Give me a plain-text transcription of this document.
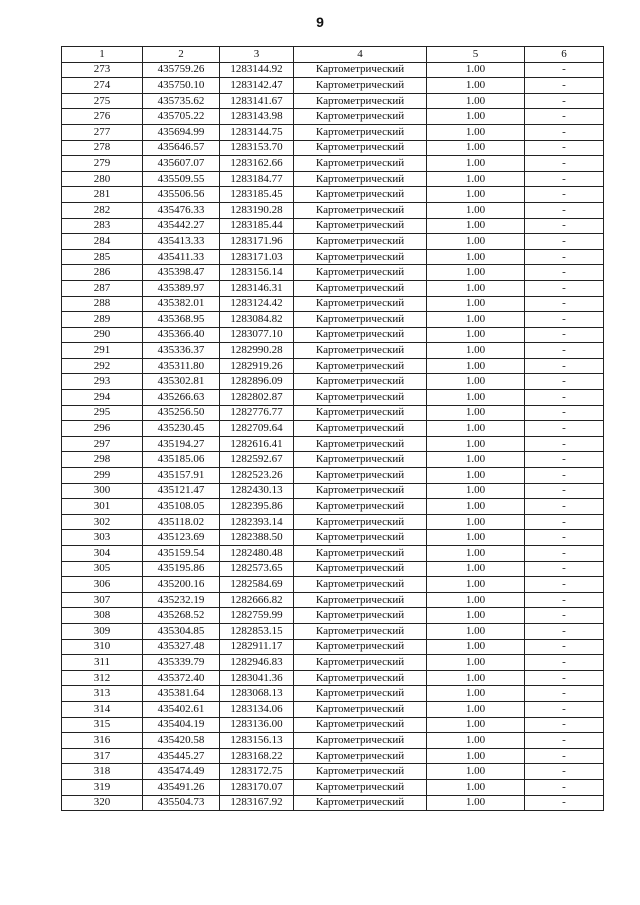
9
1	2	3	4	5	6
273	435759.26	1283144.92	Картометрический	1.00	-
274	435750.10	1283142.47	Картометрический	1.00	-
275	435735.62	1283141.67	Картометрический	1.00	-
276	435705.22	1283143.98	Картометрический	1.00	-
277	435694.99	1283144.75	Картометрический	1.00	-
278	435646.57	1283153.70	Картометрический	1.00	-
279	435607.07	1283162.66	Картометрический	1.00	-
280	435509.55	1283184.77	Картометрический	1.00	-
281	435506.56	1283185.45	Картометрический	1.00	-
282	435476.33	1283190.28	Картометрический	1.00	-
283	435442.27	1283185.44	Картометрический	1.00	-
284	435413.33	1283171.96	Картометрический	1.00	-
285	435411.33	1283171.03	Картометрический	1.00	-
286	435398.47	1283156.14	Картометрический	1.00	-
287	435389.97	1283146.31	Картометрический	1.00	-
288	435382.01	1283124.42	Картометрический	1.00	-
289	435368.95	1283084.82	Картометрический	1.00	-
290	435366.40	1283077.10	Картометрический	1.00	-
291	435336.37	1282990.28	Картометрический	1.00	-
292	435311.80	1282919.26	Картометрический	1.00	-
293	435302.81	1282896.09	Картометрический	1.00	-
294	435266.63	1282802.87	Картометрический	1.00	-
295	435256.50	1282776.77	Картометрический	1.00	-
296	435230.45	1282709.64	Картометрический	1.00	-
297	435194.27	1282616.41	Картометрический	1.00	-
298	435185.06	1282592.67	Картометрический	1.00	-
299	435157.91	1282523.26	Картометрический	1.00	-
300	435121.47	1282430.13	Картометрический	1.00	-
301	435108.05	1282395.86	Картометрический	1.00	-
302	435118.02	1282393.14	Картометрический	1.00	-
303	435123.69	1282388.50	Картометрический	1.00	-
304	435159.54	1282480.48	Картометрический	1.00	-
305	435195.86	1282573.65	Картометрический	1.00	-
306	435200.16	1282584.69	Картометрический	1.00	-
307	435232.19	1282666.82	Картометрический	1.00	-
308	435268.52	1282759.99	Картометрический	1.00	-
309	435304.85	1282853.15	Картометрический	1.00	-
310	435327.48	1282911.17	Картометрический	1.00	-
311	435339.79	1282946.83	Картометрический	1.00	-
312	435372.40	1283041.36	Картометрический	1.00	-
313	435381.64	1283068.13	Картометрический	1.00	-
314	435402.61	1283134.06	Картометрический	1.00	-
315	435404.19	1283136.00	Картометрический	1.00	-
316	435420.58	1283156.13	Картометрический	1.00	-
317	435445.27	1283168.22	Картометрический	1.00	-
318	435474.49	1283172.75	Картометрический	1.00	-
319	435491.26	1283170.07	Картометрический	1.00	-
320	435504.73	1283167.92	Картометрический	1.00	-
